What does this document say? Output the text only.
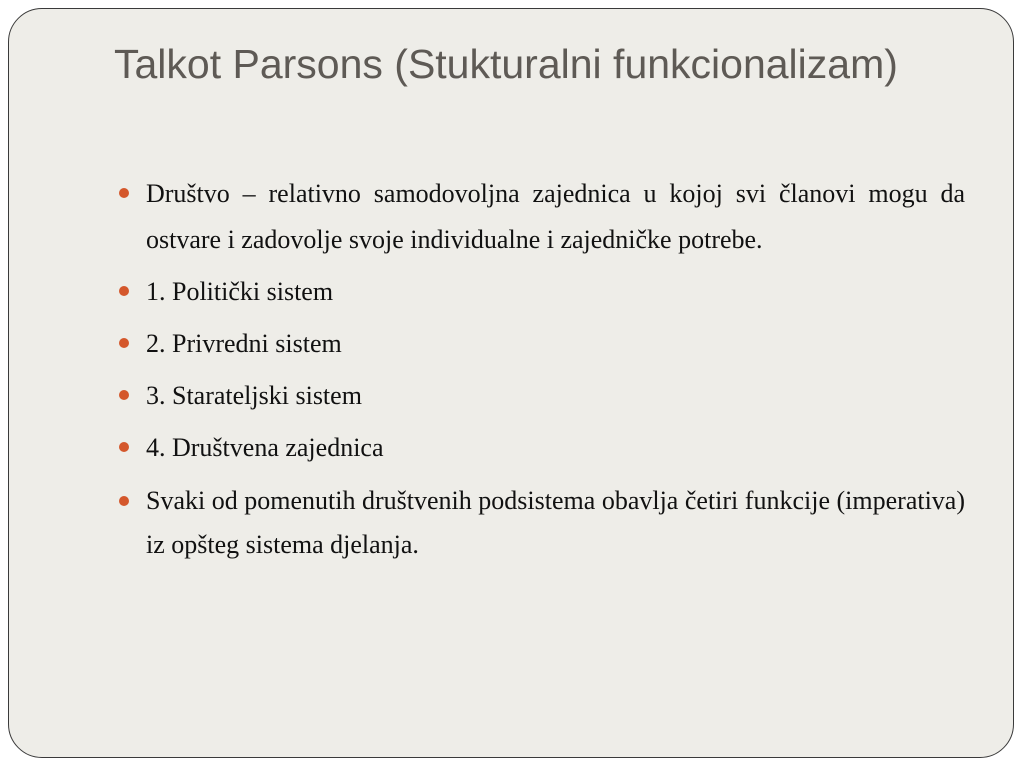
Talkot Parsons (Stukturalni funkcionalizam)
Društvo – relativno samodovoljna zajednica u kojoj svi članovi mogu da ostvare i zadovolje svoje individualne i zajedničke potrebe.
1. Politički sistem
2. Privredni sistem
3. Starateljski sistem
4. Društvena zajednica
Svaki od pomenutih društvenih podsistema obavlja četiri funkcije (imperativa) iz opšteg sistema djelanja.
